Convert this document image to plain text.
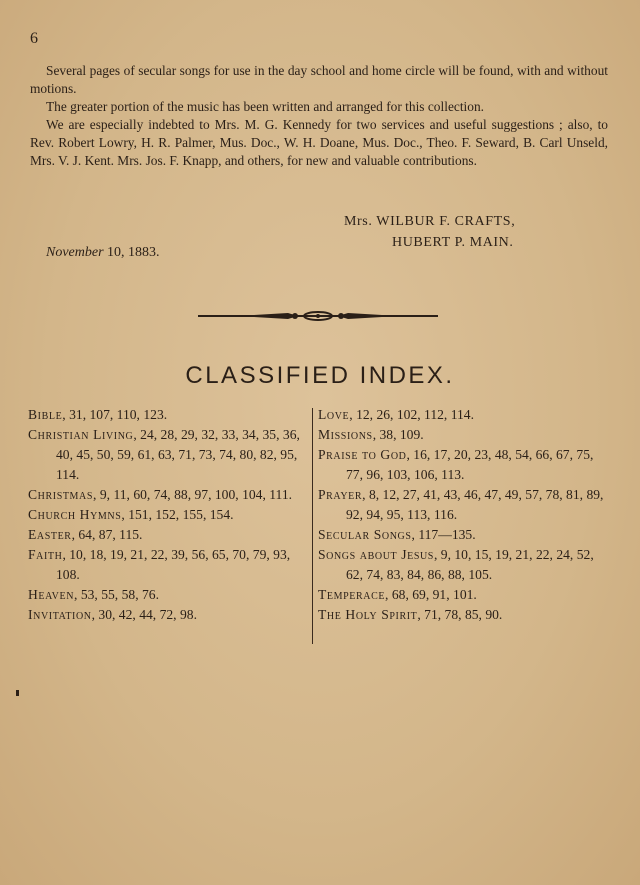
6

Several pages of secular songs for use in the day school and home circle will be found, with and without motions.

The greater portion of the music has been written and arranged for this collection.

We are especially indebted to Mrs. M. G. Kennedy for two services and useful suggestions ; also, to Rev. Robert Lowry, H. R. Palmer, Mus. Doc., W. H. Doane, Mus. Doc., Theo. F. Seward, B. Carl Unseld, Mrs. V. J. Kent. Mrs. Jos. F. Knapp, and others, for new and valuable contributions.

Mrs. WILBUR F. CRAFTS,
HUBERT P. MAIN.
November 10, 1883.
CLASSIFIED INDEX.
Bible, 31, 107, 110, 123.
Christian Living, 24, 28, 29, 32, 33, 34, 35, 36, 40, 45, 50, 59, 61, 63, 71, 73, 74, 80, 82, 95, 114.
Christmas, 9, 11, 60, 74, 88, 97, 100, 104, 111.
Church Hymns, 151, 152, 155, 154.
Easter, 64, 87, 115.
Faith, 10, 18, 19, 21, 22, 39, 56, 65, 70, 79, 93, 108.
Heaven, 53, 55, 58, 76.
Invitation, 30, 42, 44, 72, 98.
Love, 12, 26, 102, 112, 114.
Missions, 38, 109.
Praise to God, 16, 17, 20, 23, 48, 54, 66, 67, 75, 77, 96, 103, 106, 113.
Prayer, 8, 12, 27, 41, 43, 46, 47, 49, 57, 78, 81, 89, 92, 94, 95, 113, 116.
Secular Songs, 117—135.
Songs about Jesus, 9, 10, 15, 19, 21, 22, 24, 52, 62, 74, 83, 84, 86, 88, 105.
Temperace, 68, 69, 91, 101.
The Holy Spirit, 71, 78, 85, 90.
